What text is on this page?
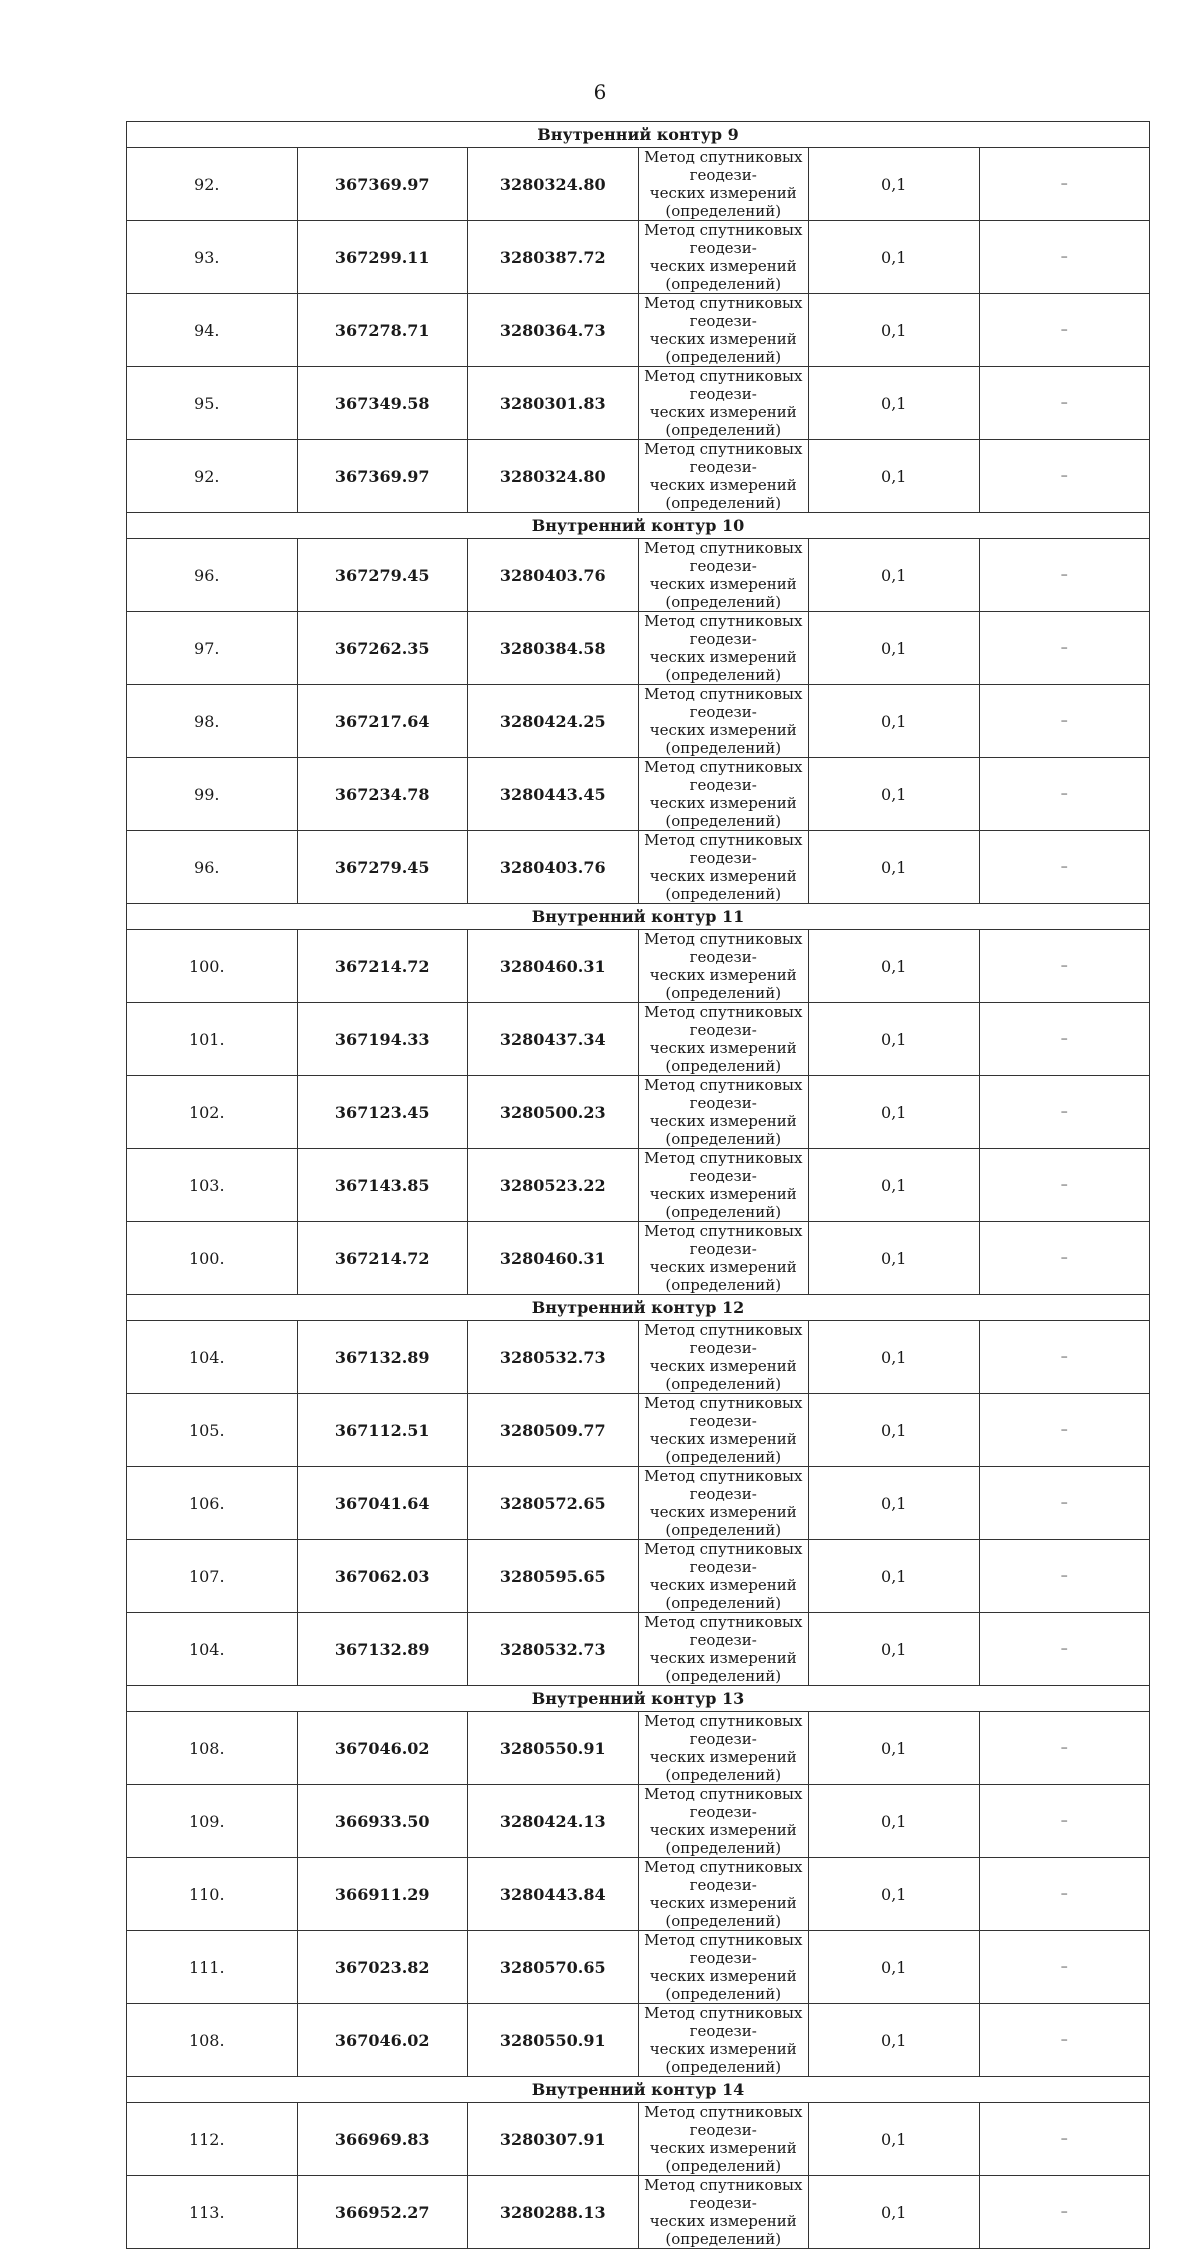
6
Внутренний контур 9					
92.	367369.97	3280324.80	Метод спутниковых геодези-
ческих измерений (определений)	0,1	–
93.	367299.11	3280387.72	Метод спутниковых геодези-
ческих измерений (определений)	0,1	–
94.	367278.71	3280364.73	Метод спутниковых геодези-
ческих измерений (определений)	0,1	–
95.	367349.58	3280301.83	Метод спутниковых геодези-
ческих измерений (определений)	0,1	–
92.	367369.97	3280324.80	Метод спутниковых геодези-
ческих измерений (определений)	0,1	–
Внутренний контур 10					
96.	367279.45	3280403.76	Метод спутниковых геодези-
ческих измерений (определений)	0,1	–
97.	367262.35	3280384.58	Метод спутниковых геодези-
ческих измерений (определений)	0,1	–
98.	367217.64	3280424.25	Метод спутниковых геодези-
ческих измерений (определений)	0,1	–
99.	367234.78	3280443.45	Метод спутниковых геодези-
ческих измерений (определений)	0,1	–
96.	367279.45	3280403.76	Метод спутниковых геодези-
ческих измерений (определений)	0,1	–
Внутренний контур 11					
100.	367214.72	3280460.31	Метод спутниковых геодези-
ческих измерений (определений)	0,1	–
101.	367194.33	3280437.34	Метод спутниковых геодези-
ческих измерений (определений)	0,1	–
102.	367123.45	3280500.23	Метод спутниковых геодези-
ческих измерений (определений)	0,1	–
103.	367143.85	3280523.22	Метод спутниковых геодези-
ческих измерений (определений)	0,1	–
100.	367214.72	3280460.31	Метод спутниковых геодези-
ческих измерений (определений)	0,1	–
Внутренний контур 12					
104.	367132.89	3280532.73	Метод спутниковых геодези-
ческих измерений (определений)	0,1	–
105.	367112.51	3280509.77	Метод спутниковых геодези-
ческих измерений (определений)	0,1	–
106.	367041.64	3280572.65	Метод спутниковых геодези-
ческих измерений (определений)	0,1	–
107.	367062.03	3280595.65	Метод спутниковых геодези-
ческих измерений (определений)	0,1	–
104.	367132.89	3280532.73	Метод спутниковых геодези-
ческих измерений (определений)	0,1	–
Внутренний контур 13					
108.	367046.02	3280550.91	Метод спутниковых геодези-
ческих измерений (определений)	0,1	–
109.	366933.50	3280424.13	Метод спутниковых геодези-
ческих измерений (определений)	0,1	–
110.	366911.29	3280443.84	Метод спутниковых геодези-
ческих измерений (определений)	0,1	–
111.	367023.82	3280570.65	Метод спутниковых геодези-
ческих измерений (определений)	0,1	–
108.	367046.02	3280550.91	Метод спутниковых геодези-
ческих измерений (определений)	0,1	–
Внутренний контур 14					
112.	366969.83	3280307.91	Метод спутниковых геодези-
ческих измерений (определений)	0,1	–
113.	366952.27	3280288.13	Метод спутниковых геодези-
ческих измерений (определений)	0,1	–
